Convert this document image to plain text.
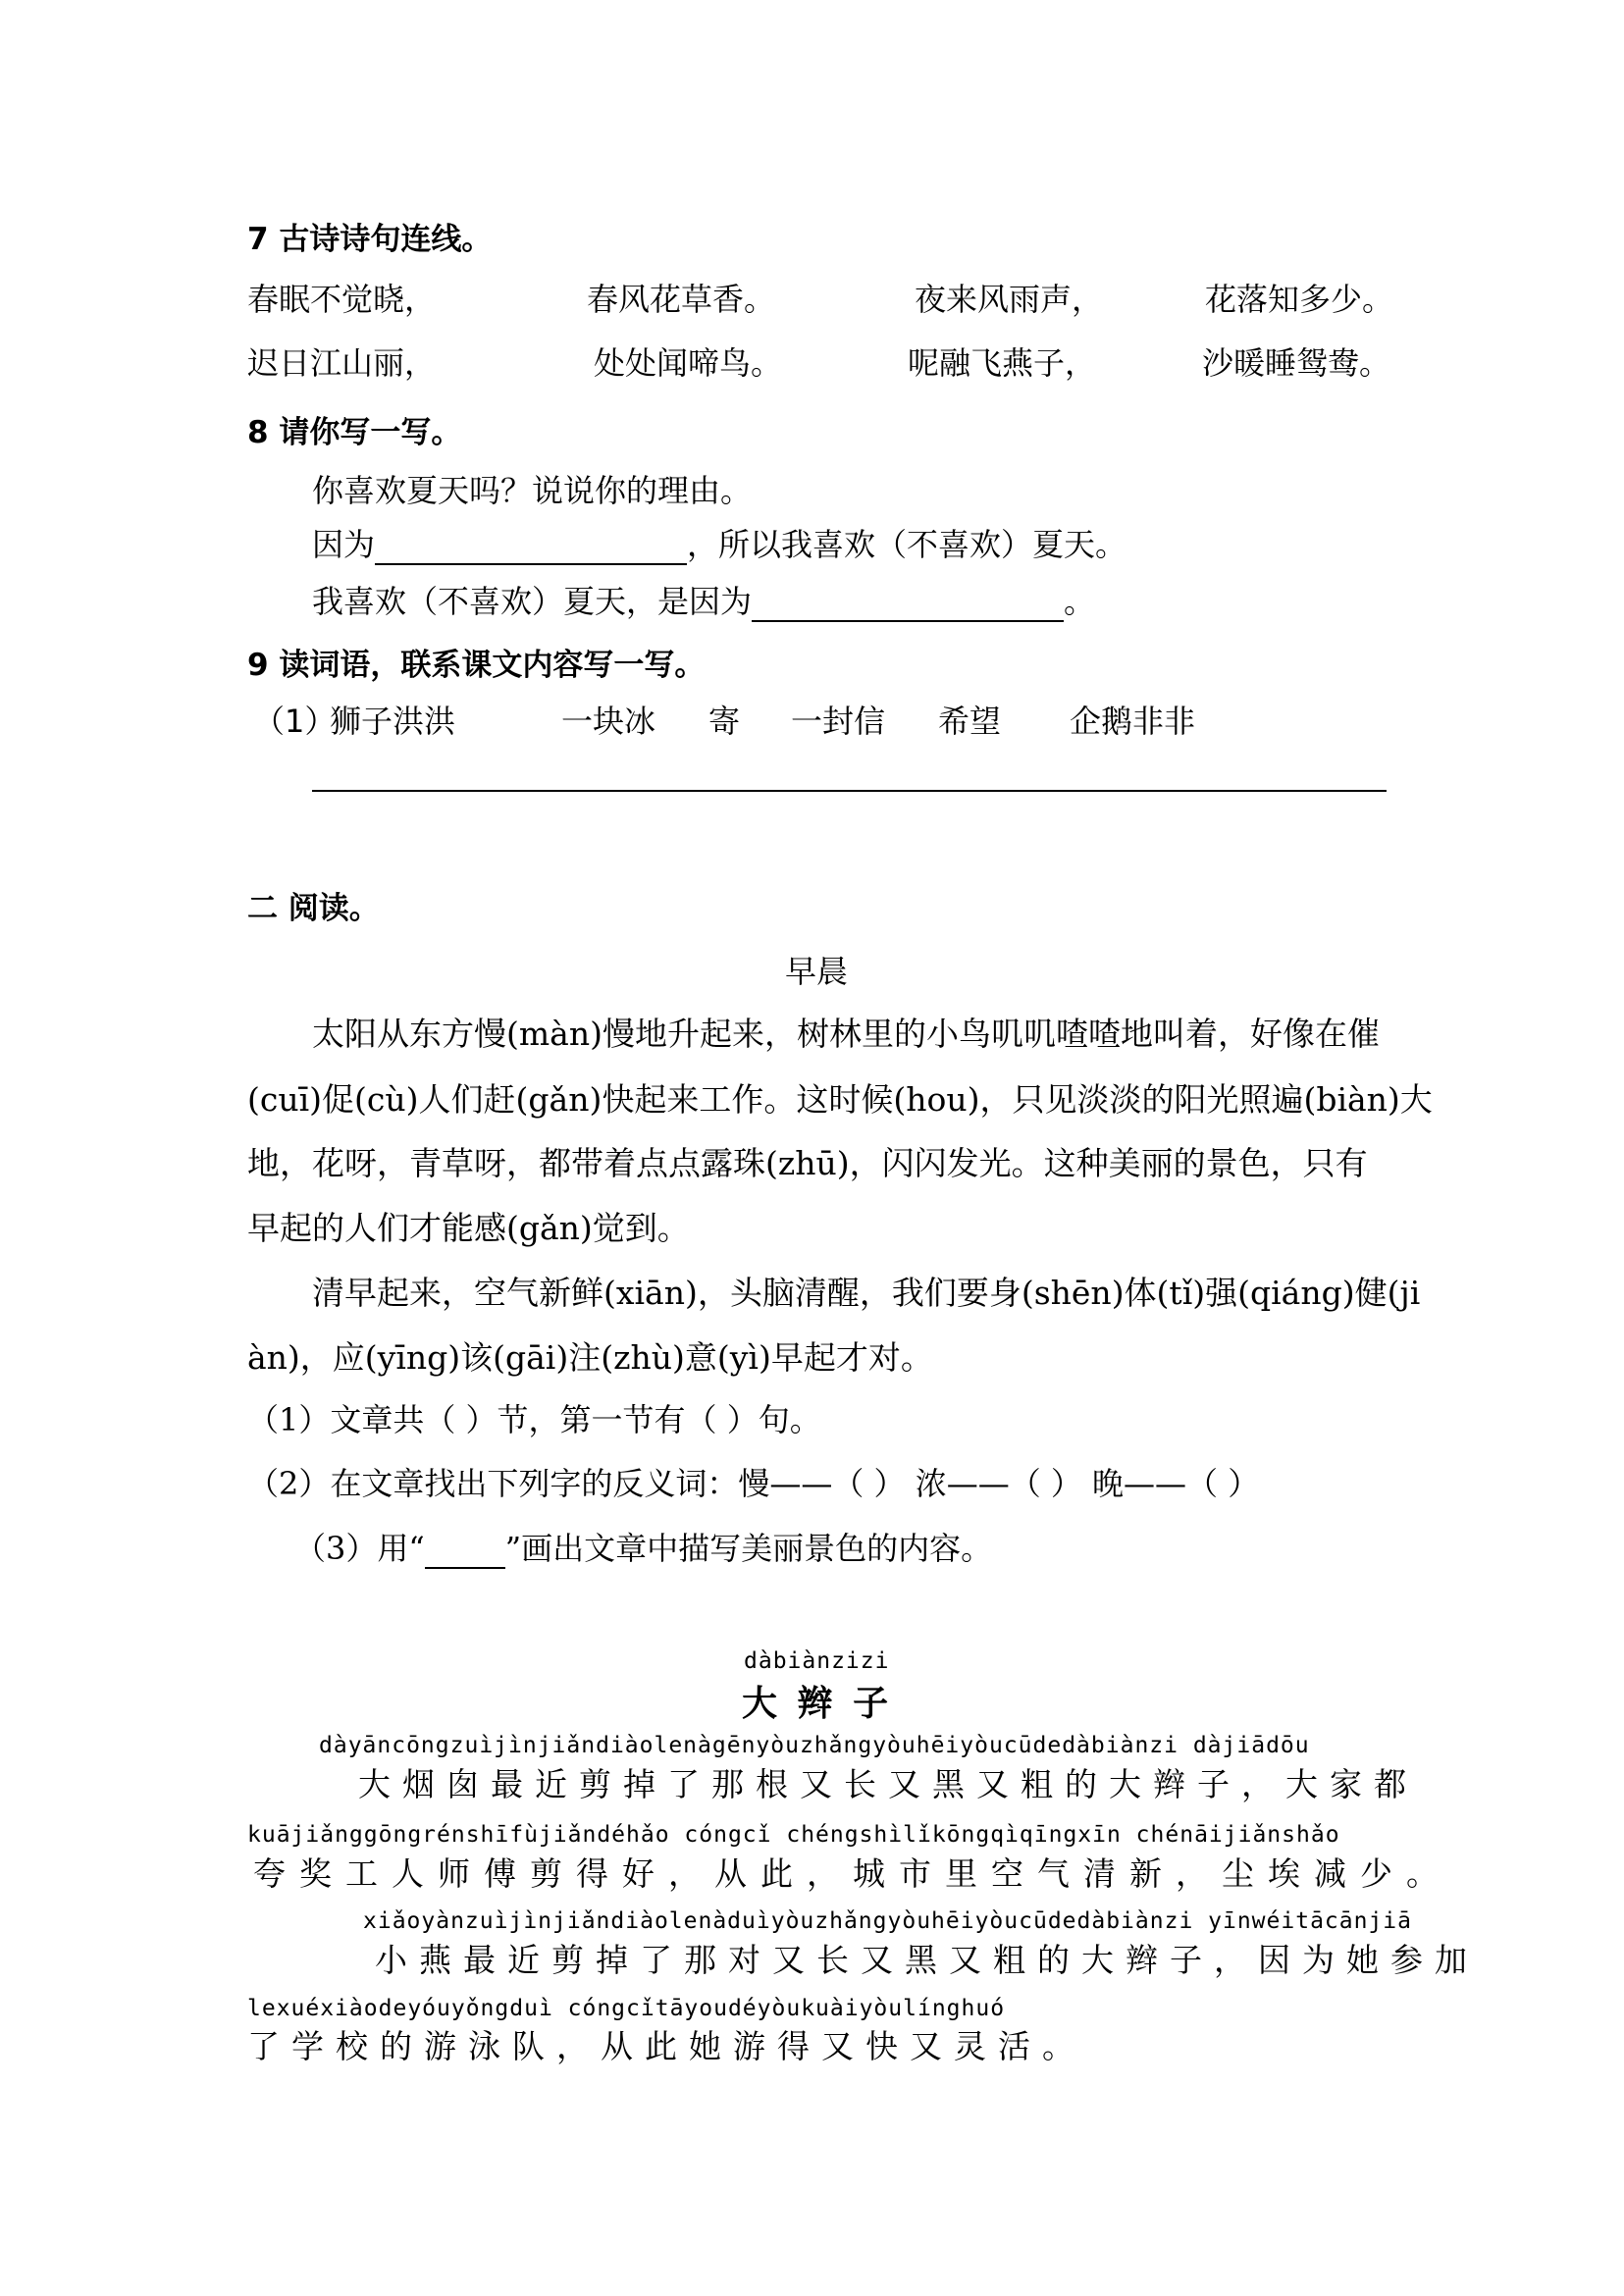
7 古诗诗句连线。
春眠不觉晓，	春风花草香。	夜来风雨声，	花落知多少。
迟日江山丽，	处处闻啼鸟。	呢融飞燕子，	沙暖睡鸳鸯。
8 请你写一写。
你喜欢夏天吗？说说你的理由。
因为	，所以我喜欢（不喜欢）夏天。
我喜欢（不喜欢）夏天，是因为	。
9 读词语，联系课文内容写一写。
（1）
狮子洪洪	一块冰 寄 一封信 希望 企鹅非非
二 阅读。
早晨
太阳从东方慢(màn)慢地升起来，树林里的小鸟叽叽喳喳地叫着，好像在催
(cuī)促(cù)人们赶(gǎn)快起来工作。这时候(hou)，只见淡淡的阳光照遍(biàn)大
地，花呀，青草呀，都带着点点露珠(zhū)，闪闪发光。这种美丽的景色，只有
早起的人们才能感(gǎn)觉到。
清早起来，空气新鲜(xiān)，头脑清醒，我们要身(shēn)体(tǐ)强(qiáng)健(ji
àn)，应(yīng)该(gāi)注(zhù)意(yì)早起才对。
（1）文章共（ ）节，第一节有（ ）句。
（2）在文章找出下列字的反义词：慢——（ ） 浓——（ ） 晚——（ ）
（3）用“	”画出文章中描写美丽景色的内容。
dàbiànzizi
大 辫 子
dàyāncōngzuìjìnjiǎndiàolenàgēnyòuzhǎngyòuhēiyòucūdedàbiànzi dàjiādōu
大烟囱最近剪掉了那根又长又黑又粗的大辫子，大家都
kuājiǎnggōngrénshīfùjiǎndéhǎo cóngcǐ chéngshìlǐkōngqìqīngxīn chénāijiǎnshǎo
夸奖工人师傅剪得好，从此，城市里空气清新，尘埃减少。
xiǎoyànzuìjìnjiǎndiàolenàduìyòuzhǎngyòuhēiyòucūdedàbiànzi yīnwéitācānjiā
小燕最近剪掉了那对又长又黑又粗的大辫子，因为她参加
lexuéxiàodeyóuyǒngduì cóngcǐtāyoudéyòukuàiyòulínghuó
了学校的游泳队，从此她游得又快又灵活。
